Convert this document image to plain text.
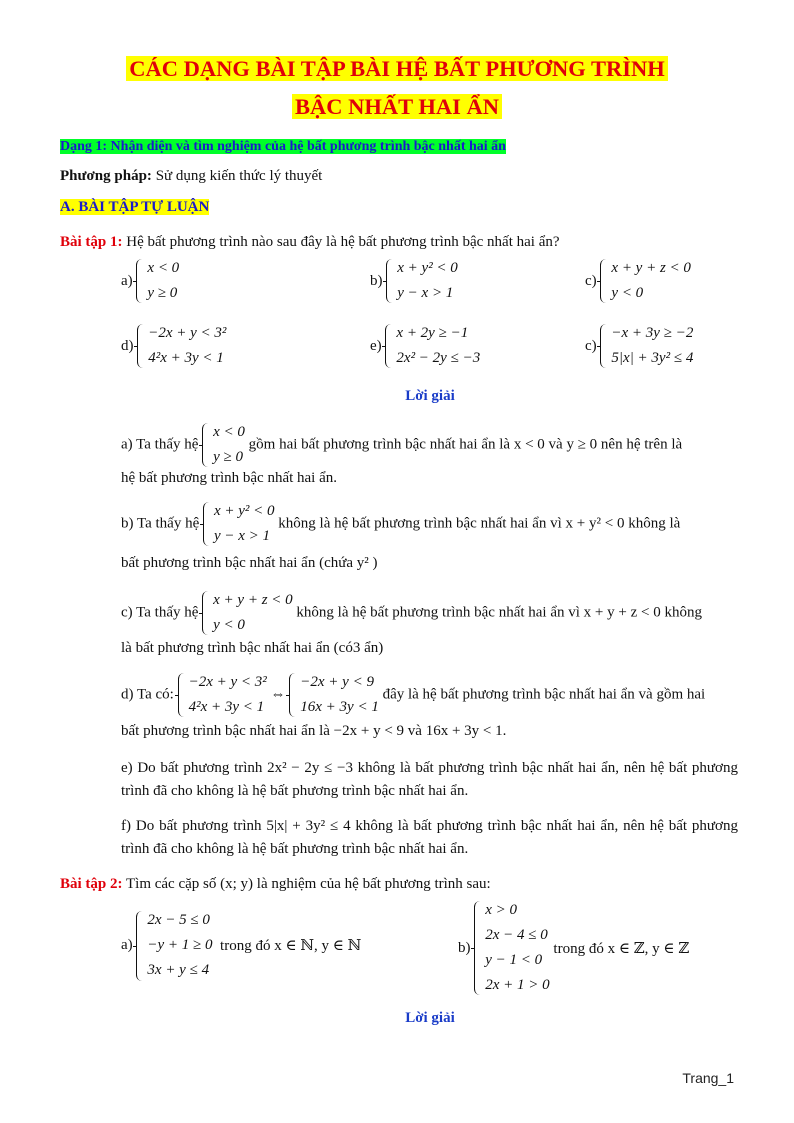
CÁC DẠNG BÀI TẬP BÀI HỆ BẤT PHƯƠNG TRÌNH
BẬC NHẤT HAI ẨN
Dạng 1: Nhận diện và tìm nghiệm của hệ bất phương trình bậc nhất hai ẩn
Phương pháp: Sử dụng kiến thức lý thuyết
A. BÀI TẬP TỰ LUẬN
Bài tập 1: Hệ bất phương trình nào sau đây là hệ bất phương trình bậc nhất hai ẩn?
a)

x < 0
y ≥ 0
b)

x + y² < 0
y − x > 1
c)

x + y + z < 0
y < 0
d)

−2x + y < 3²
4²x + 3y < 1
e)

x + 2y ≥ −1
2x² − 2y ≤ −3
c)

−x + 3y ≥ −2
5|x| + 3y² ≤ 4
Lời giải
a) Ta thấy hệ
x < 0
y ≥ 0
gồm hai bất phương trình bậc nhất hai ẩn là x < 0 và y ≥ 0 nên hệ trên là
hệ bất phương trình bậc nhất hai ẩn.
b) Ta thấy hệ
x + y² < 0
y − x > 1
không là hệ bất phương trình bậc nhất hai ẩn vì x + y² < 0 không là
bất phương trình bậc nhất hai ẩn (chứa y² )
c) Ta thấy hệ
x + y + z < 0
y < 0
không là hệ bất phương trình bậc nhất hai ẩn vì x + y + z < 0 không
là bất phương trình bậc nhất hai ẩn (có3 ẩn)
d) Ta có:
−2x + y < 3²
4²x + 3y < 1
⇔
−2x + y < 9
16x + 3y < 1
đây là hệ bất phương trình bậc nhất hai ẩn và gồm hai
bất phương trình bậc nhất hai ẩn là −2x + y < 9 và 16x + 3y < 1.
e) Do bất phương trình 2x² − 2y ≤ −3 không là bất phương trình bậc nhất hai ẩn, nên hệ bất phương trình đã cho không là hệ bất phương trình bậc nhất hai ẩn.
f) Do bất phương trình 5|x| + 3y² ≤ 4 không là bất phương trình bậc nhất hai ẩn, nên hệ bất phương trình đã cho không là hệ bất phương trình bậc nhất hai ẩn.
Bài tập 2: Tìm các cặp số (x; y) là nghiệm của hệ bất phương trình sau:
a)

2x − 5 ≤ 0
−y + 1 ≥ 0
3x + y ≤ 4

trong đó x ∈ ℕ, y ∈ ℕ	b)

x > 0
2x − 4 ≤ 0
y − 1 < 0
2x + 1 > 0

trong đó x ∈ ℤ, y ∈ ℤ
Lời giải
Trang_1
